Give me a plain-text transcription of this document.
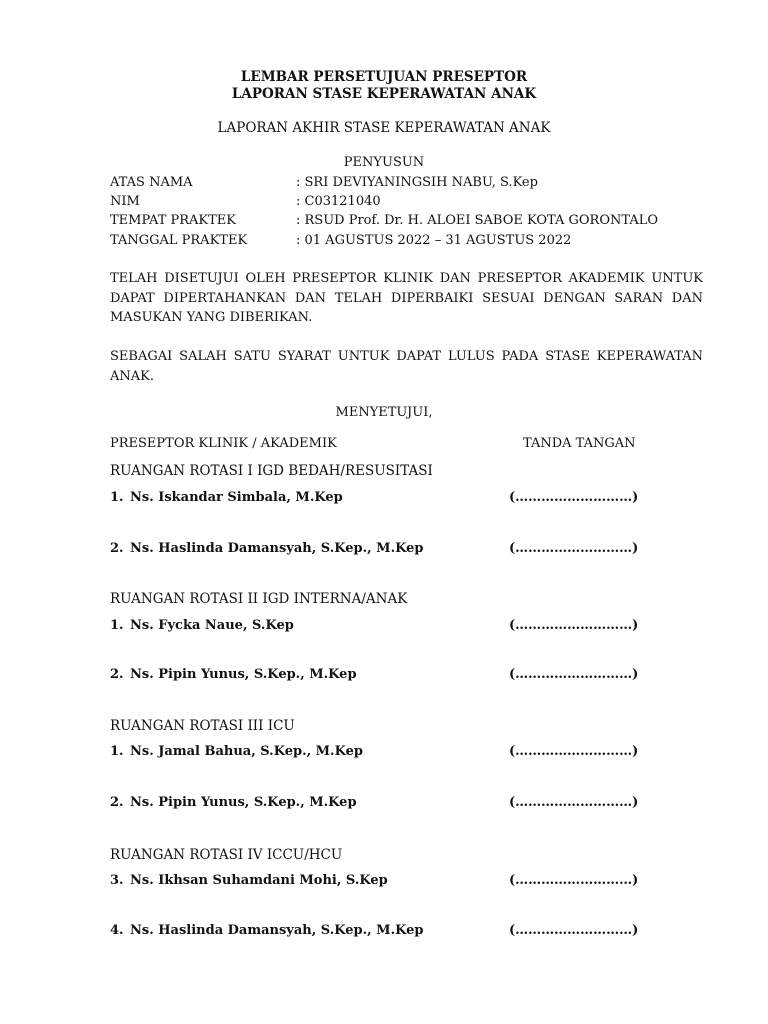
LEMBAR PERSETUJUAN PRESEPTOR
LAPORAN STASE KEPERAWATAN ANAK
LAPORAN AKHIR STASE KEPERAWATAN ANAK
PENYUSUN
ATAS NAMA	: SRI DEVIYANINGSIH NABU, S.Kep
NIM	: C03121040
TEMPAT PRAKTEK	: RSUD Prof. Dr. H. ALOEI SABOE KOTA GORONTALO
TANGGAL PRAKTEK	: 01 AGUSTUS 2022 – 31 AGUSTUS 2022
TELAH DISETUJUI OLEH PRESEPTOR KLINIK DAN PRESEPTOR AKADEMIK UNTUK DAPAT DIPERTAHANKAN DAN TELAH DIPERBAIKI SESUAI DENGAN SARAN DAN MASUKAN YANG DIBERIKAN.
SEBAGAI SALAH SATU SYARAT UNTUK DAPAT LULUS PADA STASE KEPERAWATAN ANAK.
MENYETUJUI,
PRESEPTOR KLINIK / AKADEMIK	TANDA TANGAN
RUANGAN ROTASI I IGD BEDAH/RESUSITASI
1. Ns. Iskandar Simbala, M.Kep	(………………………)
2. Ns. Haslinda Damansyah, S.Kep., M.Kep	(………………………)
RUANGAN ROTASI II IGD INTERNA/ANAK
1. Ns. Fycka Naue, S.Kep	(………………………)
2. Ns. Pipin Yunus, S.Kep., M.Kep	(………………………)
RUANGAN ROTASI III ICU
1. Ns. Jamal Bahua, S.Kep., M.Kep	(………………………)
2. Ns. Pipin Yunus, S.Kep., M.Kep	(………………………)
RUANGAN ROTASI IV ICCU/HCU
3. Ns. Ikhsan Suhamdani Mohi, S.Kep	(………………………)
4. Ns. Haslinda Damansyah, S.Kep., M.Kep	(………………………)
